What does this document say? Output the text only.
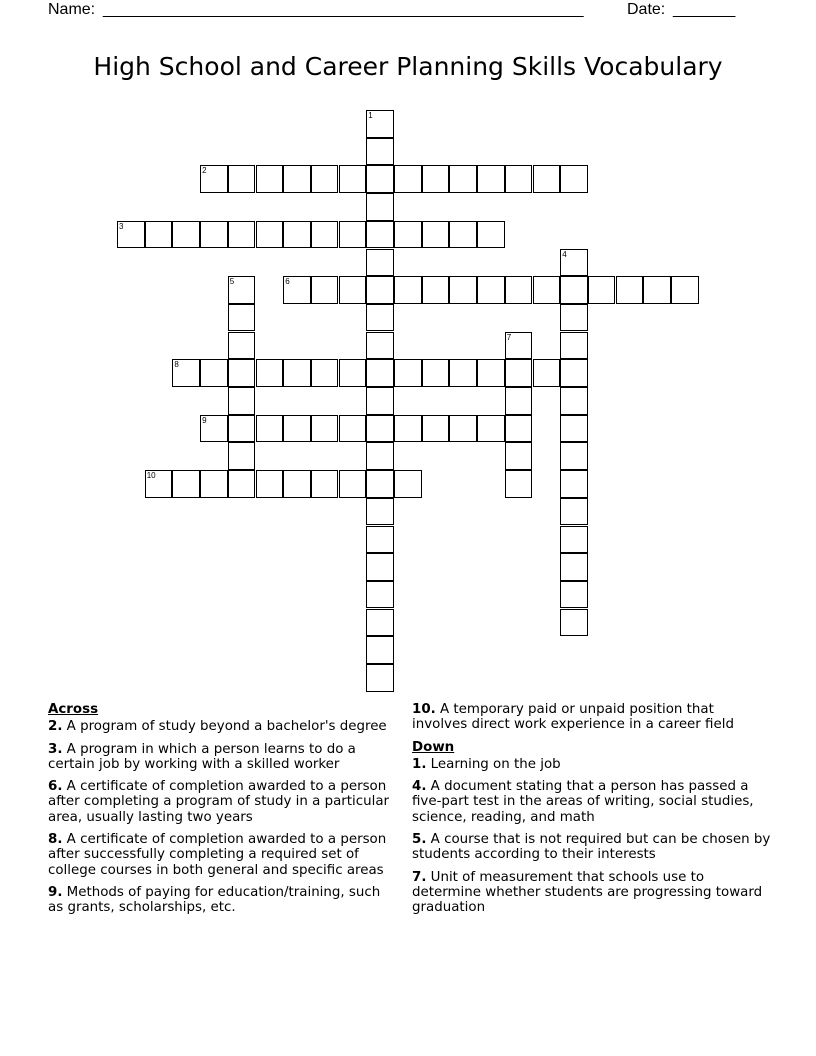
Name: ______________________________________________________	Date: _______
High School and Career Planning Skills Vocabulary
1
2
3
4
5	6
7
8
9
10
Across
2. A program of study beyond a bachelor's degree
3. A program in which a person learns to do a certain job by working with a skilled worker
6. A certificate of completion awarded to a person after completing a program of study in a particular area, usually lasting two years
8. A certificate of completion awarded to a person after successfully completing a required set of college courses in both general and specific areas
9. Methods of paying for education/training, such as grants, scholarships, etc.
10. A temporary paid or unpaid position that involves direct work experience in a career field
Down
1. Learning on the job
4. A document stating that a person has passed a five-part test in the areas of writing, social studies, science, reading, and math
5. A course that is not required but can be chosen by students according to their interests
7. Unit of measurement that schools use to determine whether students are progressing toward graduation
